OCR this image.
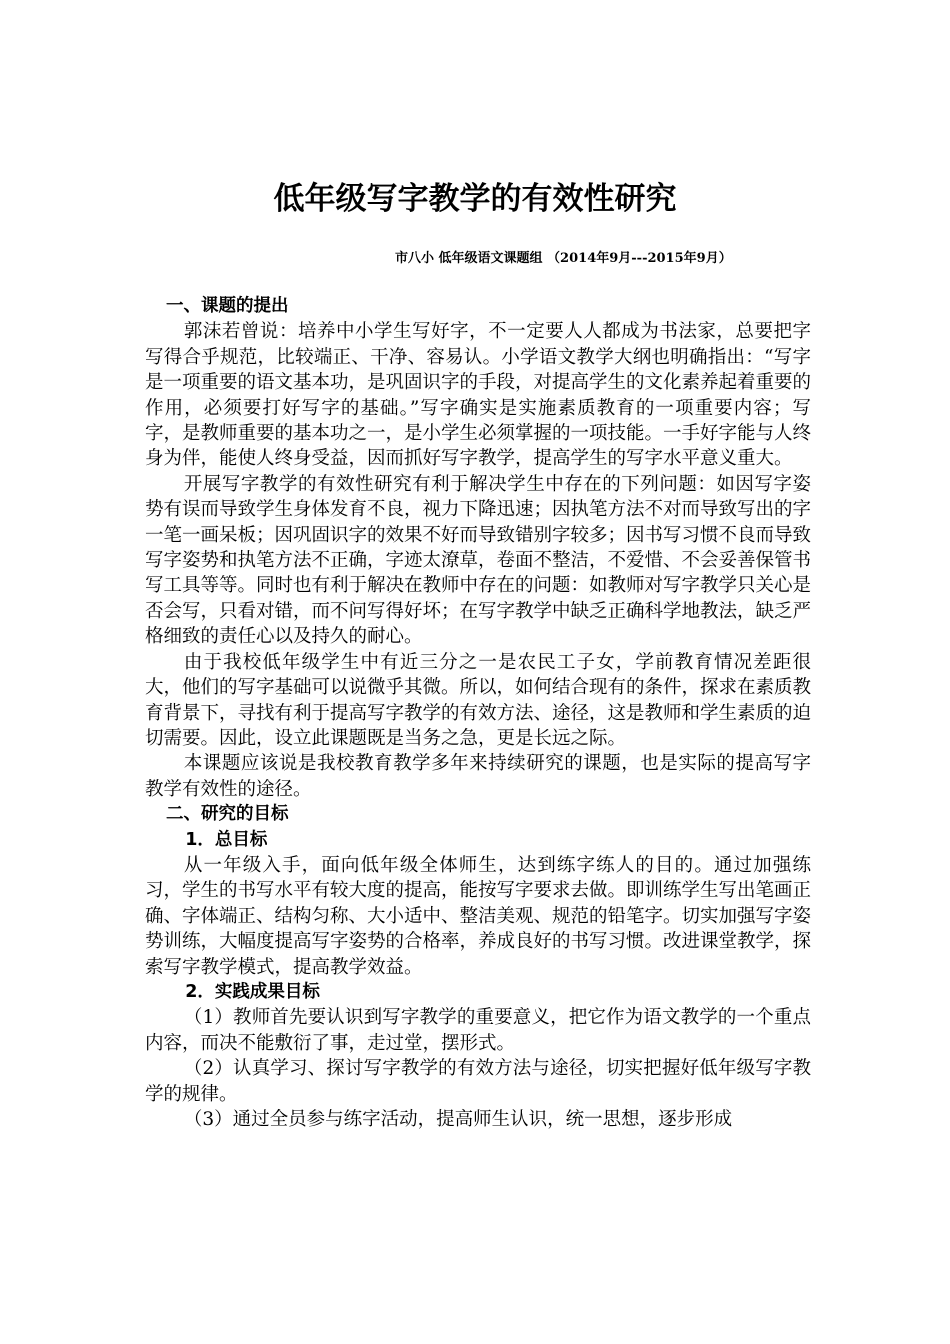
低年级写字教学的有效性研究
市八小 低年级语文课题组 （2014年9月---2015年9月）

一、课题的提出

郭沫若曾说：培养中小学生写好字，不一定要人人都成为书法家，总要把字写得合乎规范，比较端正、干净、容易认。小学语文教学大纲也明确指出：“写字是一项重要的语文基本功，是巩固识字的手段，对提高学生的文化素养起着重要的作用，必须要打好写字的基础。”写字确实是实施素质教育的一项重要内容；写字，是教师重要的基本功之一，是小学生必须掌握的一项技能。一手好字能与人终身为伴，能使人终身受益，因而抓好写字教学，提高学生的写字水平意义重大。

开展写字教学的有效性研究有利于解决学生中存在的下列问题：如因写字姿势有误而导致学生身体发育不良，视力下降迅速；因执笔方法不对而导致写出的字一笔一画呆板；因巩固识字的效果不好而导致错别字较多；因书写习惯不良而导致写字姿势和执笔方法不正确，字迹太潦草，卷面不整洁，不爱惜、不会妥善保管书写工具等等。同时也有利于解决在教师中存在的问题：如教师对写字教学只关心是否会写，只看对错，而不问写得好坏；在写字教学中缺乏正确科学地教法，缺乏严格细致的责任心以及持久的耐心。

由于我校低年级学生中有近三分之一是农民工子女，学前教育情况差距很大，他们的写字基础可以说微乎其微。所以，如何结合现有的条件，探求在素质教育背景下，寻找有利于提高写字教学的有效方法、途径，这是教师和学生素质的迫切需要。因此，设立此课题既是当务之急，更是长远之际。

本课题应该说是我校教育教学多年来持续研究的课题，也是实际的提高写字教学有效性的途径。

二、研究的目标

1．总目标

从一年级入手，面向低年级全体师生，达到练字练人的目的。通过加强练习，学生的书写水平有较大度的提高，能按写字要求去做。即训练学生写出笔画正确、字体端正、结构匀称、大小适中、整洁美观、规范的铅笔字。切实加强写字姿势训练，大幅度提高写字姿势的合格率，养成良好的书写习惯。改进课堂教学，探索写字教学模式，提高教学效益。

2．实践成果目标

（1）教师首先要认识到写字教学的重要意义，把它作为语文教学的一个重点内容，而决不能敷衍了事，走过堂，摆形式。

（2）认真学习、探讨写字教学的有效方法与途径，切实把握好低年级写字教学的规律。

（3）通过全员参与练字活动，提高师生认识，统一思想，逐步形成
